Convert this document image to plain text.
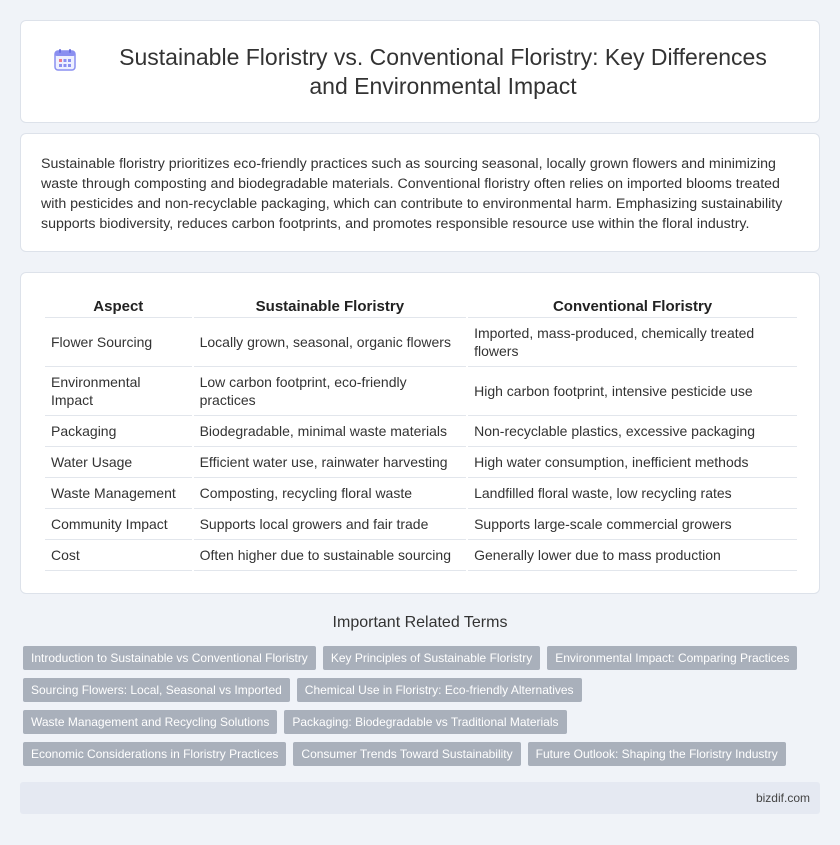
Sustainable Floristry vs. Conventional Floristry: Key Differences and Environmental Impact

Sustainable floristry prioritizes eco-friendly practices such as sourcing seasonal, locally grown flowers and minimizing waste through composting and biodegradable materials. Conventional floristry often relies on imported blooms treated with pesticides and non-recyclable packaging, which can contribute to environmental harm. Emphasizing sustainability supports biodiversity, reduces carbon footprints, and promotes responsible resource use within the floral industry.

Aspect	Sustainable Floristry	Conventional Floristry
Flower Sourcing	Locally grown, seasonal, organic flowers	Imported, mass-produced, chemically treated flowers
Environmental Impact	Low carbon footprint, eco-friendly practices	High carbon footprint, intensive pesticide use
Packaging	Biodegradable, minimal waste materials	Non-recyclable plastics, excessive packaging
Water Usage	Efficient water use, rainwater harvesting	High water consumption, inefficient methods
Waste Management	Composting, recycling floral waste	Landfilled floral waste, low recycling rates
Community Impact	Supports local growers and fair trade	Supports large-scale commercial growers
Cost	Often higher due to sustainable sourcing	Generally lower due to mass production
Important Related Terms
Introduction to Sustainable vs Conventional Floristry	Key Principles of Sustainable Floristry	Environmental Impact: Comparing Practices
Sourcing Flowers: Local, Seasonal vs Imported	Chemical Use in Floristry: Eco-friendly Alternatives
Waste Management and Recycling Solutions	Packaging: Biodegradable vs Traditional Materials
Economic Considerations in Floristry Practices	Consumer Trends Toward Sustainability	Future Outlook: Shaping the Floristry Industry
bizdif.com
